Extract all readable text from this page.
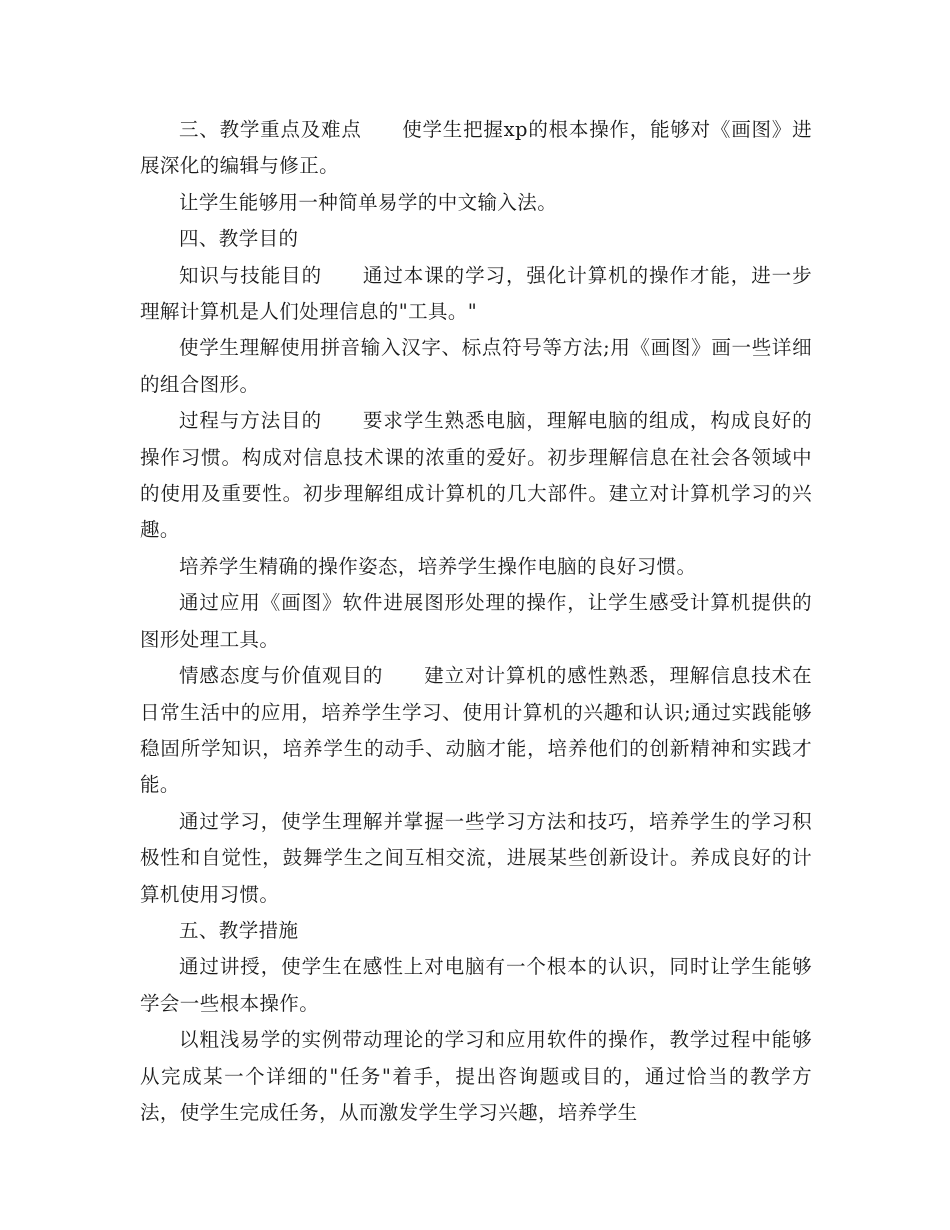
三、教学重点及难点　　使学生把握xp的根本操作，能够对《画图》进展深化的编辑与修正。

让学生能够用一种简单易学的中文输入法。

四、教学目的

知识与技能目的　　通过本课的学习，强化计算机的操作才能，进一步理解计算机是人们处理信息的"工具。"

使学生理解使用拼音输入汉字、标点符号等方法;用《画图》画一些详细的组合图形。

过程与方法目的　　要求学生熟悉电脑，理解电脑的组成，构成良好的操作习惯。构成对信息技术课的浓重的爱好。初步理解信息在社会各领域中的使用及重要性。初步理解组成计算机的几大部件。建立对计算机学习的兴趣。

培养学生精确的操作姿态，培养学生操作电脑的良好习惯。

通过应用《画图》软件进展图形处理的操作，让学生感受计算机提供的图形处理工具。

情感态度与价值观目的　　建立对计算机的感性熟悉，理解信息技术在日常生活中的应用，培养学生学习、使用计算机的兴趣和认识;通过实践能够稳固所学知识，培养学生的动手、动脑才能，培养他们的创新精神和实践才能。

通过学习，使学生理解并掌握一些学习方法和技巧，培养学生的学习积极性和自觉性，鼓舞学生之间互相交流，进展某些创新设计。养成良好的计算机使用习惯。

五、教学措施

通过讲授，使学生在感性上对电脑有一个根本的认识，同时让学生能够学会一些根本操作。

以粗浅易学的实例带动理论的学习和应用软件的操作，教学过程中能够从完成某一个详细的"任务"着手，提出咨询题或目的，通过恰当的教学方法，使学生完成任务，从而激发学生学习兴趣，培养学生
